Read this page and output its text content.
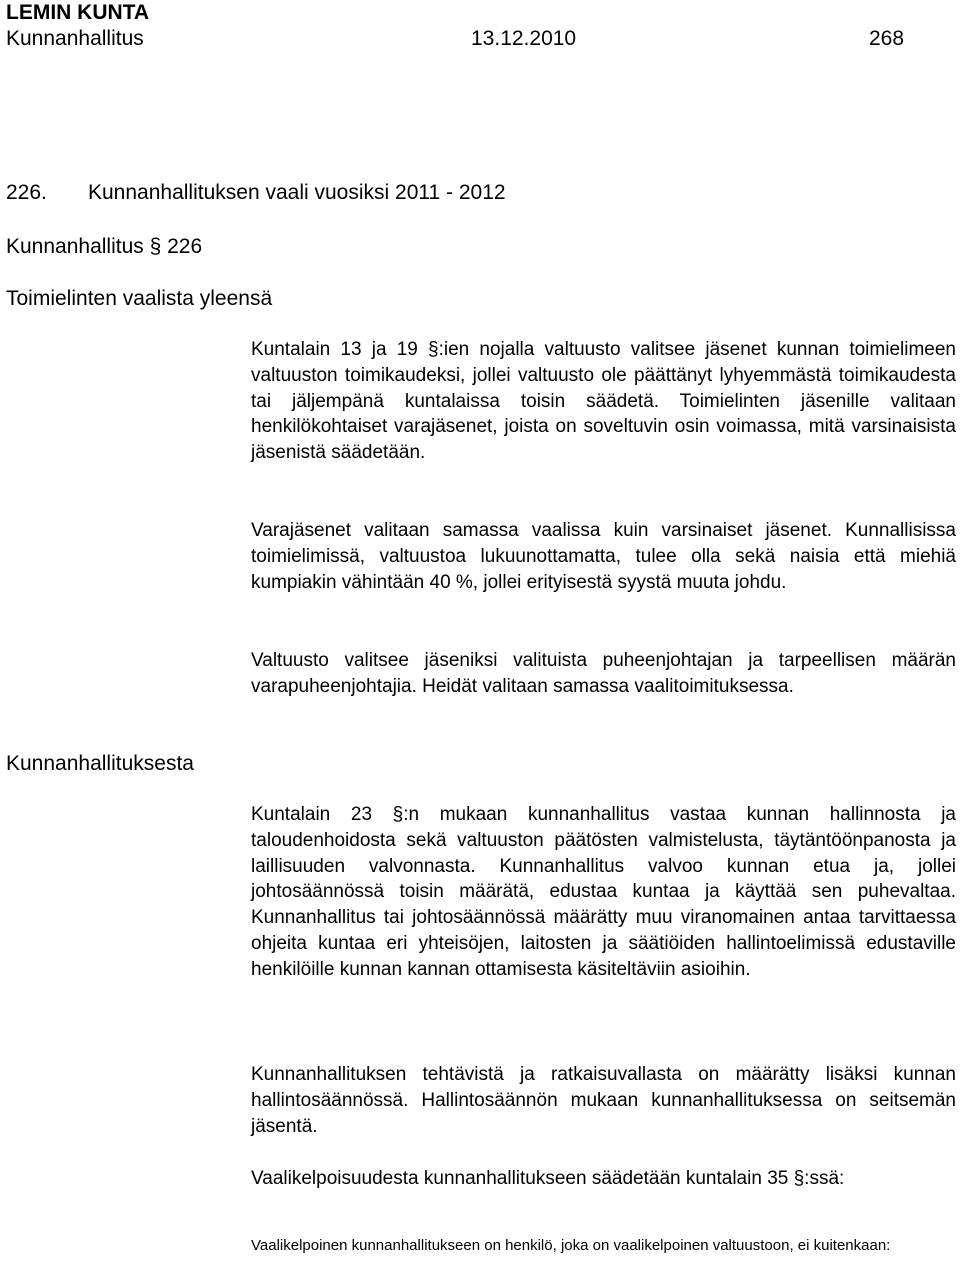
LEMIN KUNTA
Kunnanhallitus	13.12.2010	268
226. Kunnanhallituksen vaali vuosiksi 2011 - 2012
Kunnanhallitus § 226
Toimielinten vaalista yleensä
Kunnanhallituksesta

Kuntalain 13 ja 19 §:ien nojalla valtuusto valitsee jäsenet kunnan toimielimeen valtuuston toimikaudeksi, jollei valtuusto ole päättänyt lyhyemmästä toimikaudesta tai jäljempänä kuntalaissa toisin säädetä. Toimielinten jäsenille valitaan henkilökohtaiset varajäsenet, joista on soveltuvin osin voimassa, mitä varsinaisista jäsenistä säädetään.

Varajäsenet valitaan samassa vaalissa kuin varsinaiset jäsenet. Kunnallisissa toimielimissä, valtuustoa lukuunottamatta, tulee olla sekä naisia että miehiä kumpiakin vähintään 40 %, jollei erityisestä syystä muuta johdu.

Valtuusto valitsee jäseniksi valituista puheenjohtajan ja tarpeellisen määrän varapuheenjohtajia. Heidät valitaan samassa vaalitoimituksessa.

Kuntalain 23 §:n mukaan kunnanhallitus vastaa kunnan hallinnosta ja taloudenhoidosta sekä valtuuston päätösten valmistelusta, täytäntöönpanosta ja laillisuuden valvonnasta. Kunnanhallitus valvoo kunnan etua ja, jollei johtosäännössä toisin määrätä, edustaa kuntaa ja käyttää sen puhevaltaa. Kunnanhallitus tai johtosäännössä määrätty muu viranomainen antaa tarvittaessa ohjeita kuntaa eri yhteisöjen, laitosten ja säätiöiden hallintoelimissä edustaville henkilöille kunnan kannan ottamisesta käsiteltäviin asioihin.

Kunnanhallituksen tehtävistä ja ratkaisuvallasta on määrätty lisäksi kunnan hallintosäännössä. Hallintosäännön mukaan kunnanhallituksessa on seitsemän jäsentä.

Vaalikelpoisuudesta kunnanhallitukseen säädetään kuntalain 35 §:ssä:

Vaalikelpoinen kunnanhallitukseen on henkilö, joka on vaalikelpoinen valtuustoon, ei kuitenkaan:
